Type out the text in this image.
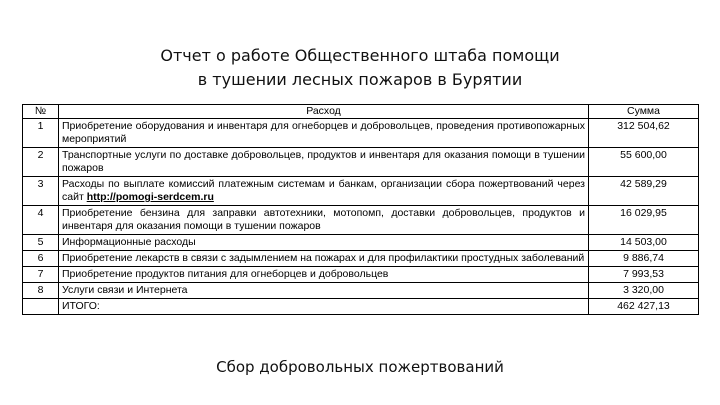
Отчет о работе Общественного штаба помощи
в тушении лесных пожаров в Бурятии
№	Расход	Сумма
1	Приобретение оборудования и инвентаря для огнеборцев и добровольцев, проведения противопожарных мероприятий	312 504,62
2	Транспортные услуги по доставке добровольцев, продуктов и инвентаря для оказания помощи в тушении пожаров	55 600,00
3	Расходы по выплате комиссий платежным системам и банкам, организации сбора пожертвований через сайт http://pomogi-serdcem.ru	42 589,29
4	Приобретение бензина для заправки автотехники, мотопомп, доставки добровольцев, продуктов и инвентаря для оказания помощи в тушении пожаров	16 029,95
5	Информационные расходы	14 503,00
6	Приобретение лекарств в связи с задымлением на пожарах и для профилактики простудных заболеваний	9 886,74
7	Приобретение продуктов питания для огнеборцев и добровольцев	7 993,53
8	Услуги связи и Интернета	3 320,00
	ИТОГО:	462 427,13
Сбор добровольных пожертвований
